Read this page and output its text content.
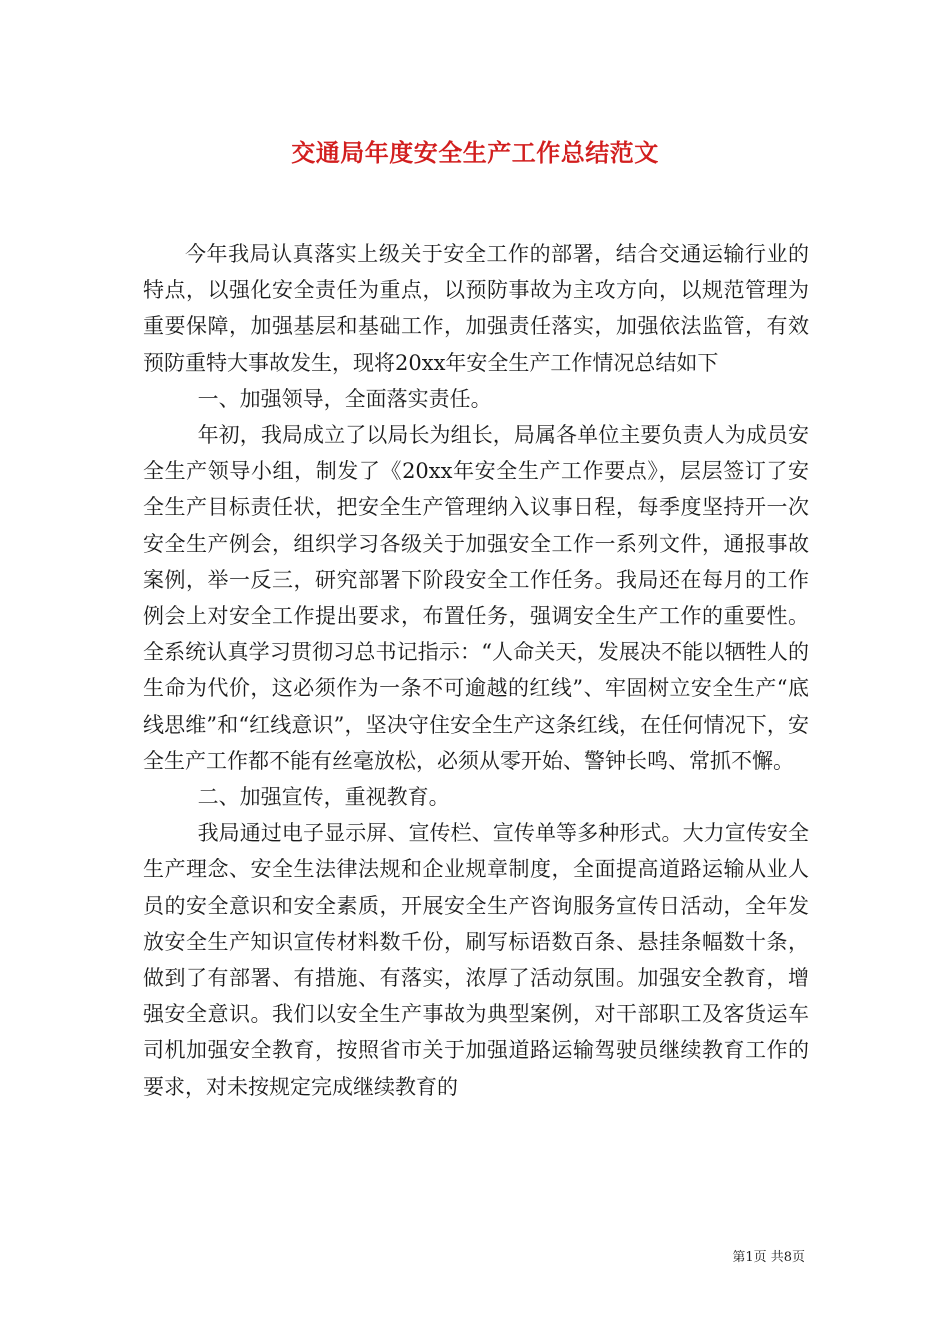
交通局年度安全生产工作总结范文

今年我局认真落实上级关于安全工作的部署，结合交通运输行业的特点，以强化安全责任为重点，以预防事故为主攻方向，以规范管理为重要保障，加强基层和基础工作，加强责任落实，加强依法监管，有效预防重特大事故发生，现将20xx年安全生产工作情况总结如下

一、加强领导，全面落实责任。

年初，我局成立了以局长为组长，局属各单位主要负责人为成员安全生产领导小组，制发了《20xx年安全生产工作要点》，层层签订了安全生产目标责任状，把安全生产管理纳入议事日程，每季度坚持开一次安全生产例会，组织学习各级关于加强安全工作一系列文件，通报事故案例，举一反三，研究部署下阶段安全工作任务。我局还在每月的工作例会上对安全工作提出要求，布置任务，强调安全生产工作的重要性。全系统认真学习贯彻习总书记指示：“人命关天，发展决不能以牺牲人的生命为代价，这必须作为一条不可逾越的红线”、牢固树立安全生产“底线思维”和“红线意识”，坚决守住安全生产这条红线，在任何情况下，安全生产工作都不能有丝毫放松，必须从零开始、警钟长鸣、常抓不懈。

二、加强宣传，重视教育。

我局通过电子显示屏、宣传栏、宣传单等多种形式。大力宣传安全生产理念、安全生法律法规和企业规章制度，全面提高道路运输从业人员的安全意识和安全素质，开展安全生产咨询服务宣传日活动，全年发放安全生产知识宣传材料数千份，刷写标语数百条、悬挂条幅数十条，做到了有部署、有措施、有落实，浓厚了活动氛围。加强安全教育，增强安全意识。我们以安全生产事故为典型案例，对干部职工及客货运车司机加强安全教育，按照省市关于加强道路运输驾驶员继续教育工作的要求，对未按规定完成继续教育的

第1页 共8页
